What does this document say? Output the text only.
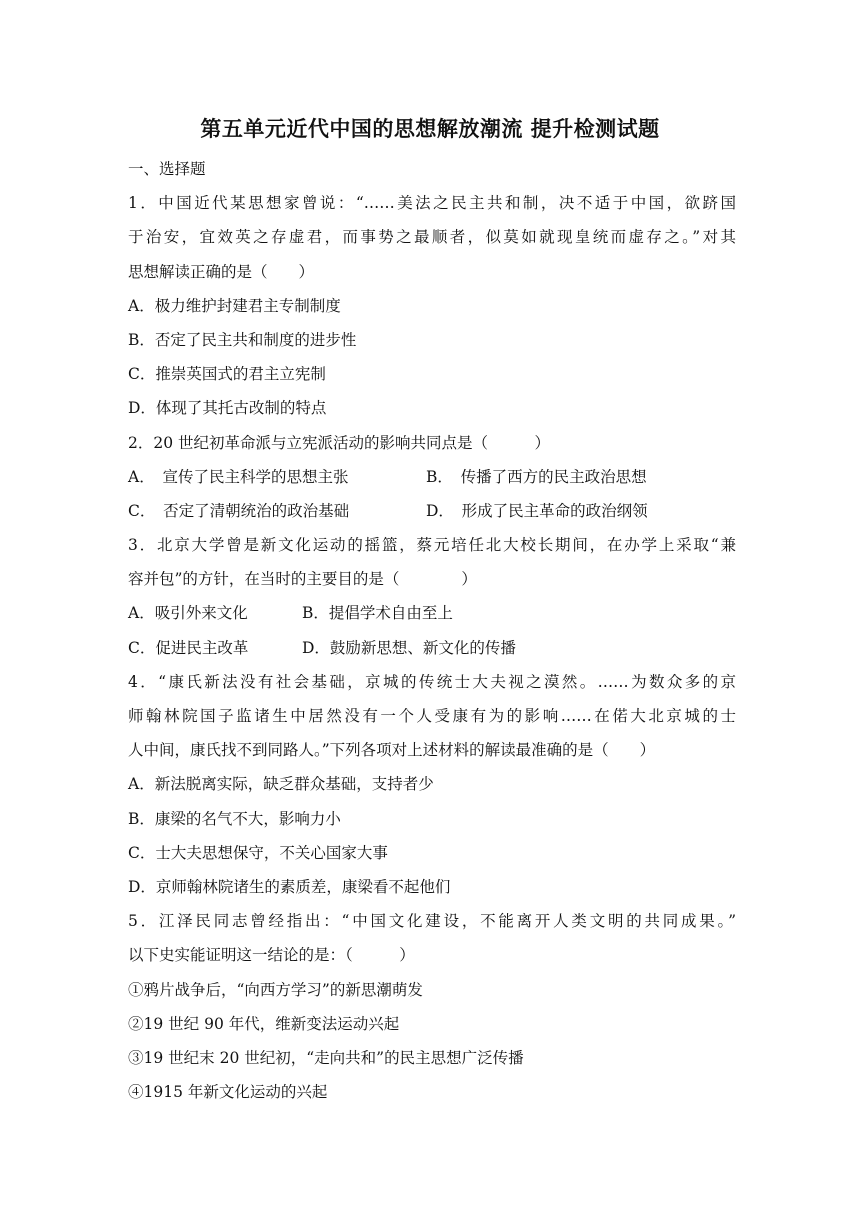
第五单元近代中国的思想解放潮流 提升检测试题
一、选择题
1．中国近代某思想家曾说：“……美法之民主共和制，决不适于中国，欲跻国
于治安，宜效英之存虚君，而事势之最顺者，似莫如就现皇统而虚存之。”对其
思想解读正确的是（　　）
A．极力维护封建君主专制制度
B．否定了民主共和制度的进步性
C．推崇英国式的君主立宪制
D．体现了其托古改制的特点
2．20 世纪初革命派与立宪派活动的影响共同点是（　　　）
A．　宣传了民主科学的思想主张	B．　传播了西方的民主政治思想
C．　否定了清朝统治的政治基础	D．　形成了民主革命的政治纲领
3．北京大学曾是新文化运动的摇篮，蔡元培任北大校长期间，在办学上采取“兼
容并包”的方针，在当时的主要目的是（　　　　）
A．吸引外来文化	B．提倡学术自由至上
C．促进民主改革	D．鼓励新思想、新文化的传播
4．“康氏新法没有社会基础，京城的传统士大夫视之漠然。……为数众多的京
师翰林院国子监诸生中居然没有一个人受康有为的影响……在偌大北京城的士
人中间，康氏找不到同路人。”下列各项对上述材料的解读最准确的是（　　）
A．新法脱离实际，缺乏群众基础，支持者少
B．康梁的名气不大，影响力小
C．士大夫思想保守，不关心国家大事
D．京师翰林院诸生的素质差，康梁看不起他们
5．江泽民同志曾经指出：“中国文化建设，不能离开人类文明的共同成果。”
以下史实能证明这一结论的是：（　　　）
①鸦片战争后，“向西方学习”的新思潮萌发
②19 世纪 90 年代，维新变法运动兴起
③19 世纪末 20 世纪初，“走向共和”的民主思想广泛传播
④1915 年新文化运动的兴起
